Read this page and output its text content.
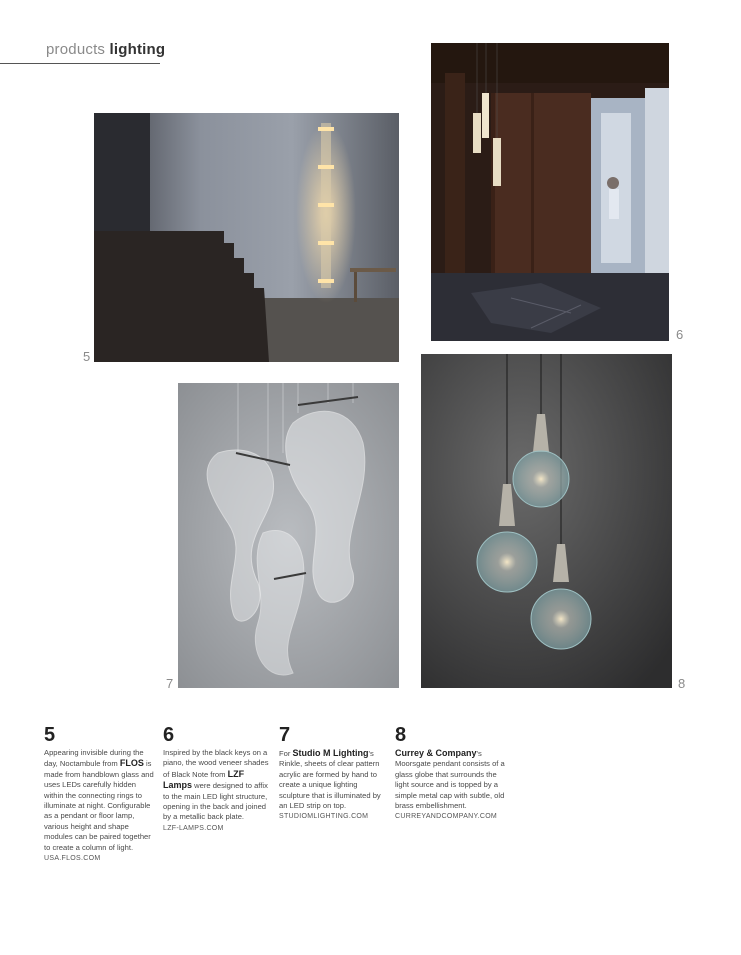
products lighting
5
6
7	8
5
Appearing invisible during the day, Noctambule from FLOS is made from handblown glass and uses LEDs carefully hidden within the connecting rings to illuminate at night. Configurable as a pendant or floor lamp, various height and shape modules can be paired together to create a column of light.
USA.FLOS.COM
6
Inspired by the black keys on a piano, the wood veneer shades of Black Note from LZF Lamps were designed to affix to the main LED light structure, opening in the back and joined by a metallic back plate.
LZF-LAMPS.COM
7
For Studio M Lighting's Rinkle, sheets of clear pattern acrylic are formed by hand to create a unique lighting sculpture that is illuminated by an LED strip on top.
STUDIOMLIGHTING.COM
8
Currey & Company's Moorsgate pendant consists of a glass globe that surrounds the light source and is topped by a simple metal cap with subtle, old brass embellishment.
CURREYANDCOMPANY.COM
